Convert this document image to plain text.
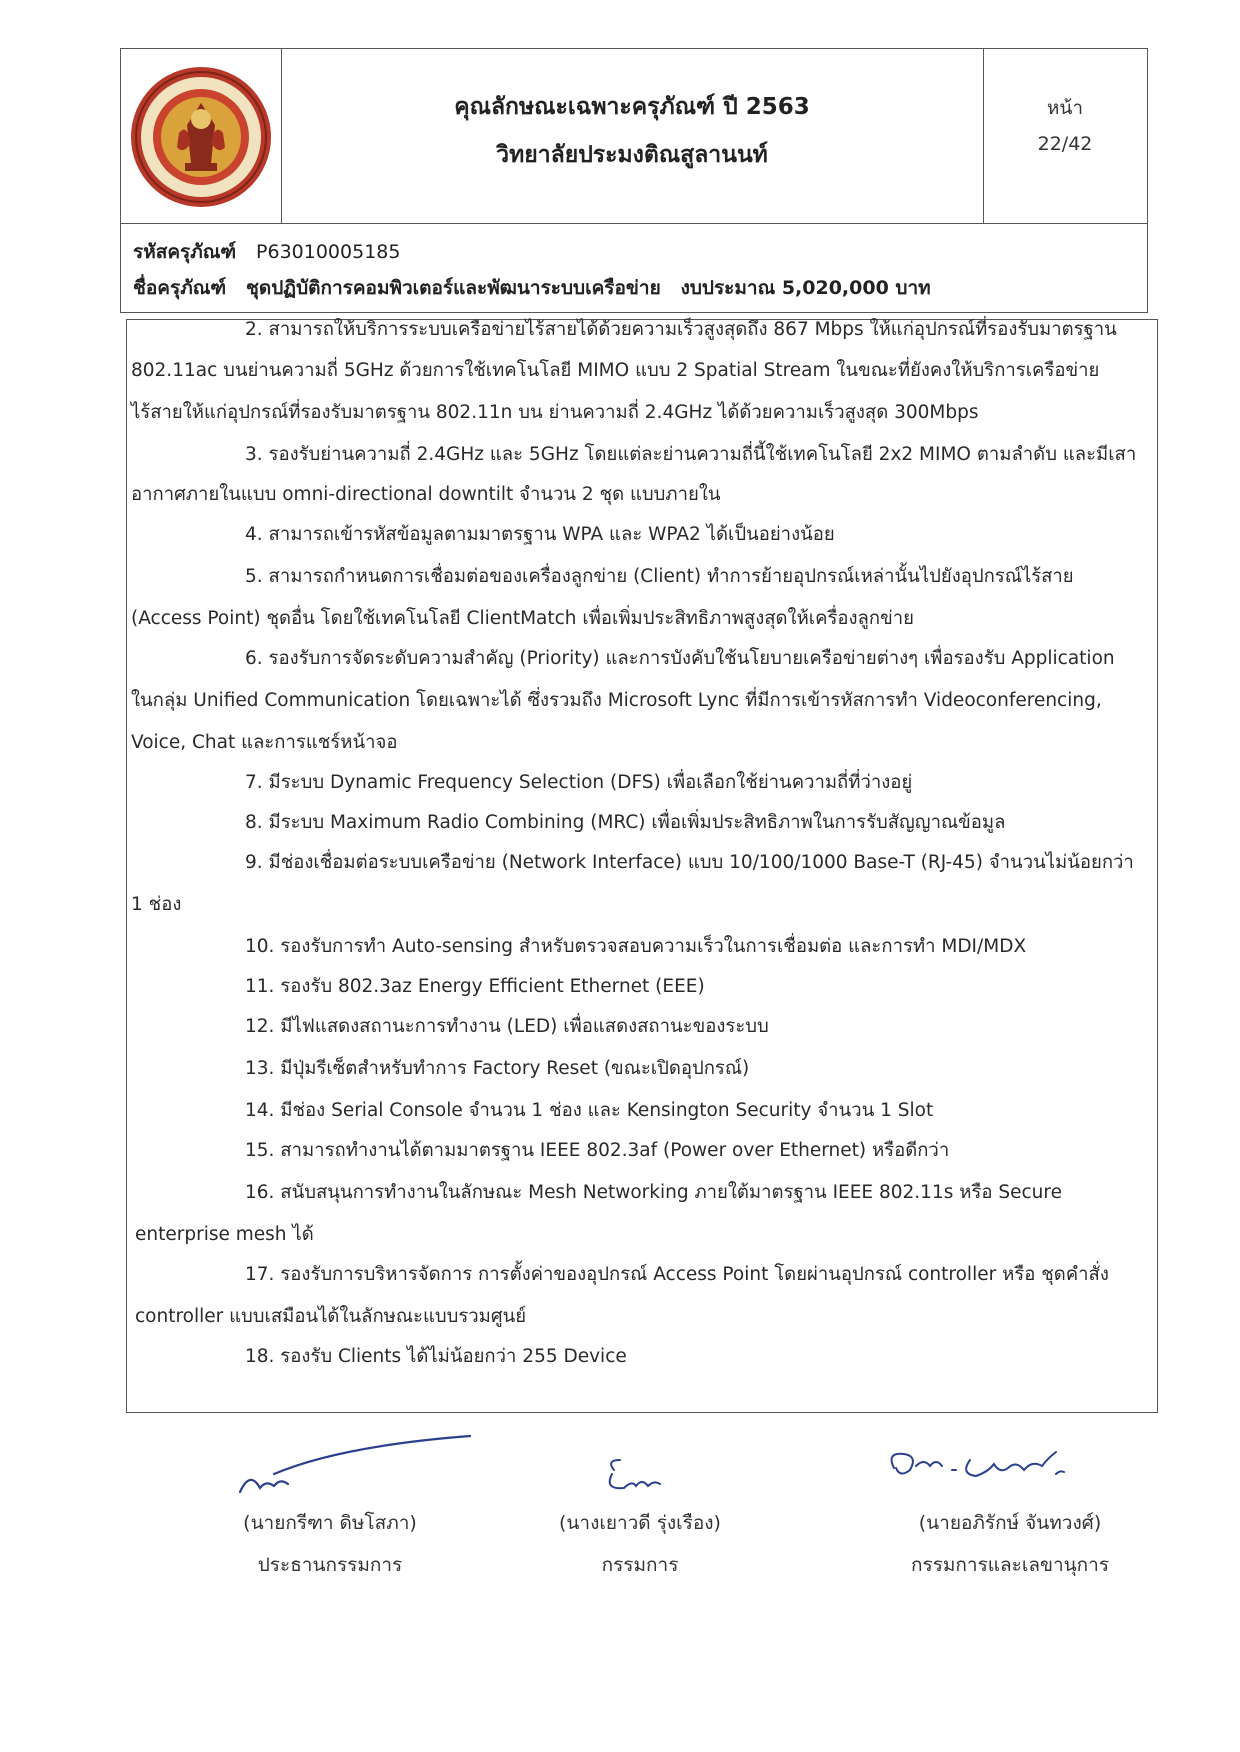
คุณลักษณะเฉพาะครุภัณฑ์ ปี 2563
วิทยาลัยประมงติณสูลานนท์
หน้า
22/42
รหัสครุภัณฑ์ P63010005185
ชื่อครุภัณฑ์ ชุดปฏิบัติการคอมพิวเตอร์และพัฒนาระบบเครือข่าย งบประมาณ 5,020,000 บาท
2. สามารถให้บริการระบบเครือข่ายไร้สายได้ด้วยความเร็วสูงสุดถึง 867 Mbps ให้แก่อุปกรณ์ที่รองรับมาตรฐาน
802.11ac บนย่านความถี่ 5GHz ด้วยการใช้เทคโนโลยี MIMO แบบ 2 Spatial Stream ในขณะที่ยังคงให้บริการเครือข่าย
ไร้สายให้แก่อุปกรณ์ที่รองรับมาตรฐาน 802.11n บน ย่านความถี่ 2.4GHz ได้ด้วยความเร็วสูงสุด 300Mbps
3. รองรับย่านความถี่ 2.4GHz และ 5GHz โดยแต่ละย่านความถี่นี้ใช้เทคโนโลยี 2x2 MIMO ตามลำดับ และมีเสา
อากาศภายในแบบ omni-directional downtilt จำนวน 2 ชุด แบบภายใน
4. สามารถเข้ารหัสข้อมูลตามมาตรฐาน WPA และ WPA2 ได้เป็นอย่างน้อย
5. สามารถกำหนดการเชื่อมต่อของเครื่องลูกข่าย (Client) ทำการย้ายอุปกรณ์เหล่านั้นไปยังอุปกรณ์ไร้สาย
(Access Point) ชุดอื่น โดยใช้เทคโนโลยี ClientMatch เพื่อเพิ่มประสิทธิภาพสูงสุดให้เครื่องลูกข่าย
6. รองรับการจัดระดับความสำคัญ (Priority) และการบังคับใช้นโยบายเครือข่ายต่างๆ เพื่อรองรับ Application
ในกลุ่ม Unified Communication โดยเฉพาะได้ ซึ่งรวมถึง Microsoft Lync ที่มีการเข้ารหัสการทำ Videoconferencing,
Voice, Chat และการแชร์หน้าจอ
7. มีระบบ Dynamic Frequency Selection (DFS) เพื่อเลือกใช้ย่านความถี่ที่ว่างอยู่
8. มีระบบ Maximum Radio Combining (MRC) เพื่อเพิ่มประสิทธิภาพในการรับสัญญาณข้อมูล
9. มีช่องเชื่อมต่อระบบเครือข่าย (Network Interface) แบบ 10/100/1000 Base-T (RJ-45) จำนวนไม่น้อยกว่า
1 ช่อง
10. รองรับการทำ Auto-sensing สำหรับตรวจสอบความเร็วในการเชื่อมต่อ และการทำ MDI/MDX
11. รองรับ 802.3az Energy Efficient Ethernet (EEE)
12. มีไฟแสดงสถานะการทำงาน (LED) เพื่อแสดงสถานะของระบบ
13. มีปุ่มรีเซ็ตสำหรับทำการ Factory Reset (ขณะเปิดอุปกรณ์)
14. มีช่อง Serial Console จำนวน 1 ช่อง และ Kensington Security จำนวน 1 Slot
15. สามารถทำงานได้ตามมาตรฐาน IEEE 802.3af (Power over Ethernet) หรือดีกว่า
16. สนับสนุนการทำงานในลักษณะ Mesh Networking ภายใต้มาตรฐาน IEEE 802.11s หรือ Secure
enterprise mesh ได้
17. รองรับการบริหารจัดการ การตั้งค่าของอุปกรณ์ Access Point โดยผ่านอุปกรณ์ controller หรือ ชุดคำสั่ง
controller แบบเสมือนได้ในลักษณะแบบรวมศูนย์
18. รองรับ Clients ได้ไม่น้อยกว่า 255 Device
(นายกรีฑา ดิษโสภา)
ประธานกรรมการ
(นางเยาวดี รุ่งเรือง)
กรรมการ
(นายอภิรักษ์ จันทวงศ์)
กรรมการและเลขานุการ
